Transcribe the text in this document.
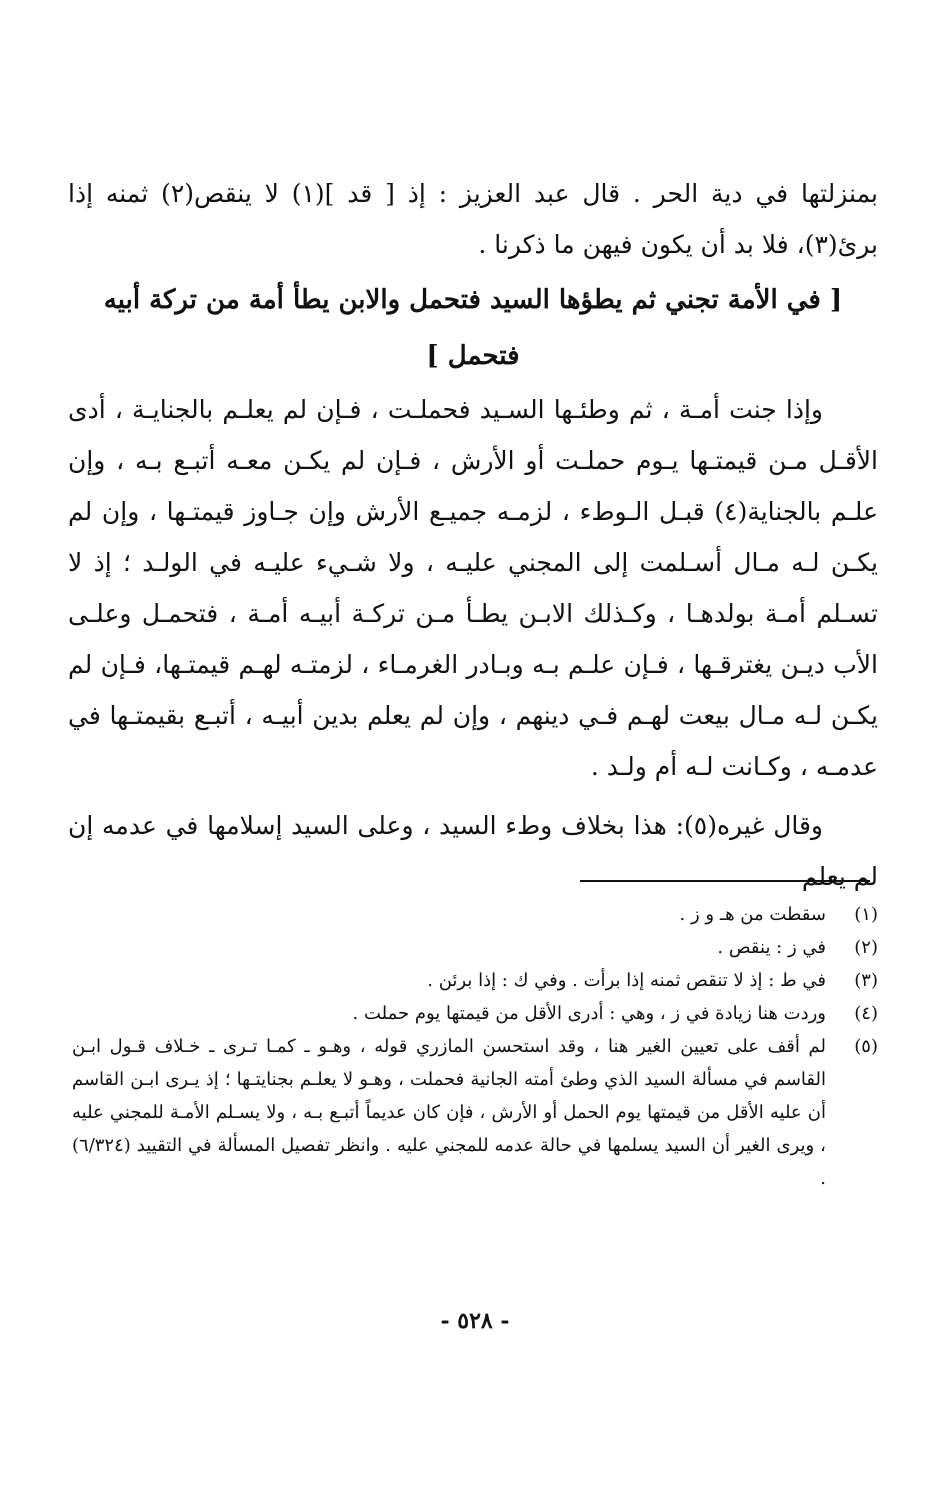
بمنزلتها في دية الحر . قال عبد العزيز : إذ [ قد ](١) لا ينقص(٢) ثمنه إذا برئ(٣)، فلا بد أن يكون فيهن ما ذكرنا .

[ في الأمة تجني ثم يطؤها السيد فتحمل والابن يطأ أمة من تركة أبيه فتحمل ]

وإذا جنت أمـة ، ثم وطئـها السـيد فحملـت ، فـإن لم يعلـم بالجنايـة ، أدى الأقـل مـن قيمتـها يـوم حملـت أو الأرش ، فـإن لم يكـن معـه أتبـع بـه ، وإن علـم بالجناية(٤) قبـل الـوطء ، لزمـه جميـع الأرش وإن جـاوز قيمتـها ، وإن لم يكـن لـه مـال أسـلمت إلى المجني عليـه ، ولا شـيء عليـه في الولـد ؛ إذ لا تسـلم أمـة بولدهـا ، وكـذلك الابـن يطـأ مـن تركـة أبيـه أمـة ، فتحمـل وعلـى الأب ديـن يغترقـها ، فـإن علـم بـه وبـادر الغرمـاء ، لزمتـه لهـم قيمتـها، فـإن لم يكـن لـه مـال بيعت لهـم فـي دينهم ، وإن لم يعلم بدين أبيـه ، أتبـع بقيمتـها في عدمـه ، وكـانت لـه أم ولـد .

وقال غيره(٥): هذا بخلاف وطء السيد ، وعلى السيد إسلامها في عدمه إن لم يعلم

(١)
سقطت من هـ و ز .
(٢)
في ز : ينقص .
(٣)
في ط : إذ لا تنقص ثمنه إذا برأت . وفي ك : إذا برئن .
(٤)
وردت هنا زيادة في ز ، وهي : أدرى الأقل من قيمتها يوم حملت .
(٥)
لم أقف على تعيين الغير هنا ، وقد استحسن المازري قوله ، وهـو ـ كمـا تـرى ـ خـلاف قـول ابـن القاسم في مسألة السيد الذي وطئ أمته الجانية فحملت ، وهـو لا يعلـم بجنايتـها ؛ إذ يـرى ابـن القاسم أن عليه الأقل من قيمتها يوم الحمل أو الأرش ، فإن كان عديماً أتبـع بـه ، ولا يسـلم الأمـة للمجني عليه ، ويرى الغير أن السيد يسلمها في حالة عدمه للمجني عليه . وانظر تفصيل المسألة في التقييد (٦/٣٢٤) .
- ٥٢٨ -
